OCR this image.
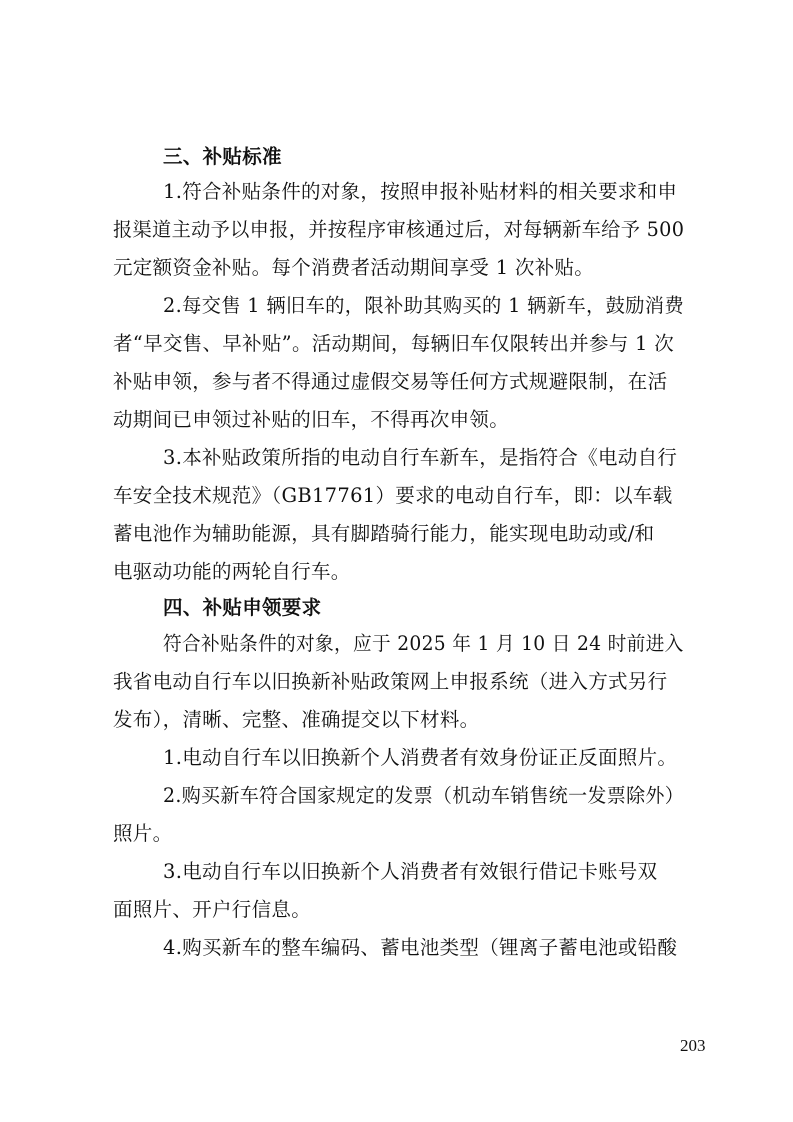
三、补贴标准
1.符合补贴条件的对象，按照申报补贴材料的相关要求和申
报渠道主动予以申报，并按程序审核通过后，对每辆新车给予 500
元定额资金补贴。每个消费者活动期间享受 1 次补贴。
2.每交售 1 辆旧车的，限补助其购买的 1 辆新车，鼓励消费
者“早交售、早补贴”。活动期间，每辆旧车仅限转出并参与 1 次
补贴申领，参与者不得通过虚假交易等任何方式规避限制，在活
动期间已申领过补贴的旧车，不得再次申领。
3.本补贴政策所指的电动自行车新车，是指符合《电动自行
车安全技术规范》（GB17761）要求的电动自行车，即：以车载
蓄电池作为辅助能源，具有脚踏骑行能力，能实现电助动或/和
电驱动功能的两轮自行车。
四、补贴申领要求
符合补贴条件的对象，应于 2025 年 1 月 10 日 24 时前进入
我省电动自行车以旧换新补贴政策网上申报系统（进入方式另行
发布），清晰、完整、准确提交以下材料。
1.电动自行车以旧换新个人消费者有效身份证正反面照片。
2.购买新车符合国家规定的发票（机动车销售统一发票除外）
照片。
3.电动自行车以旧换新个人消费者有效银行借记卡账号双
面照片、开户行信息。
4.购买新车的整车编码、蓄电池类型（锂离子蓄电池或铅酸
203
